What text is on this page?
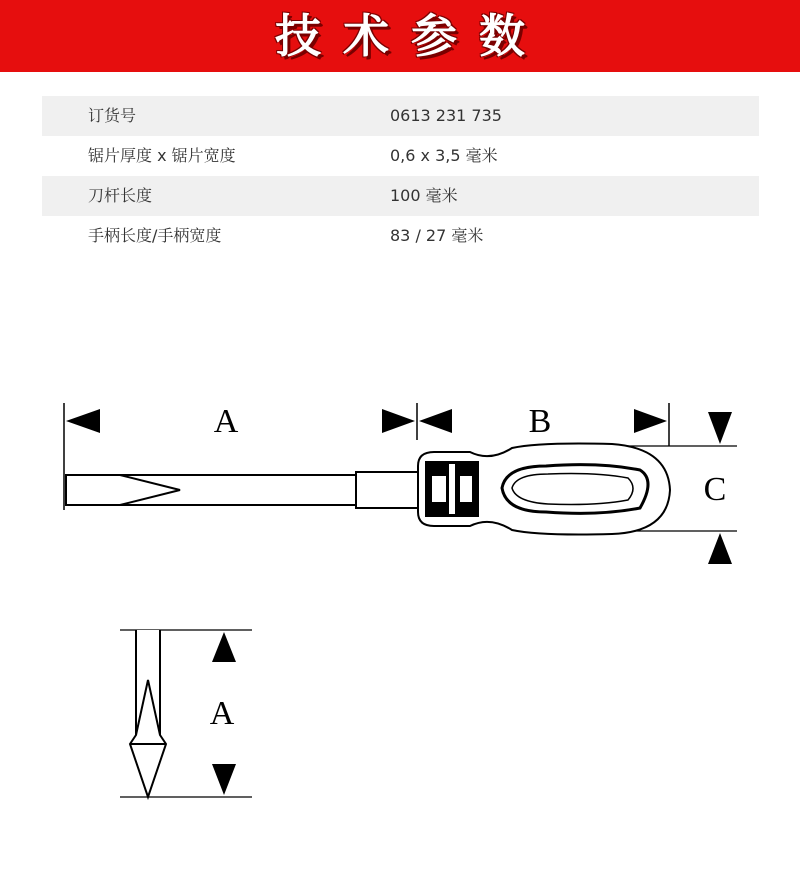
技术参数
订货号	0613 231 735
锯片厚度 x 锯片宽度	0,6 x 3,5 毫米
刀杆长度	100 毫米
手柄长度/手柄宽度	83 / 27 毫米
A	B
C
A
